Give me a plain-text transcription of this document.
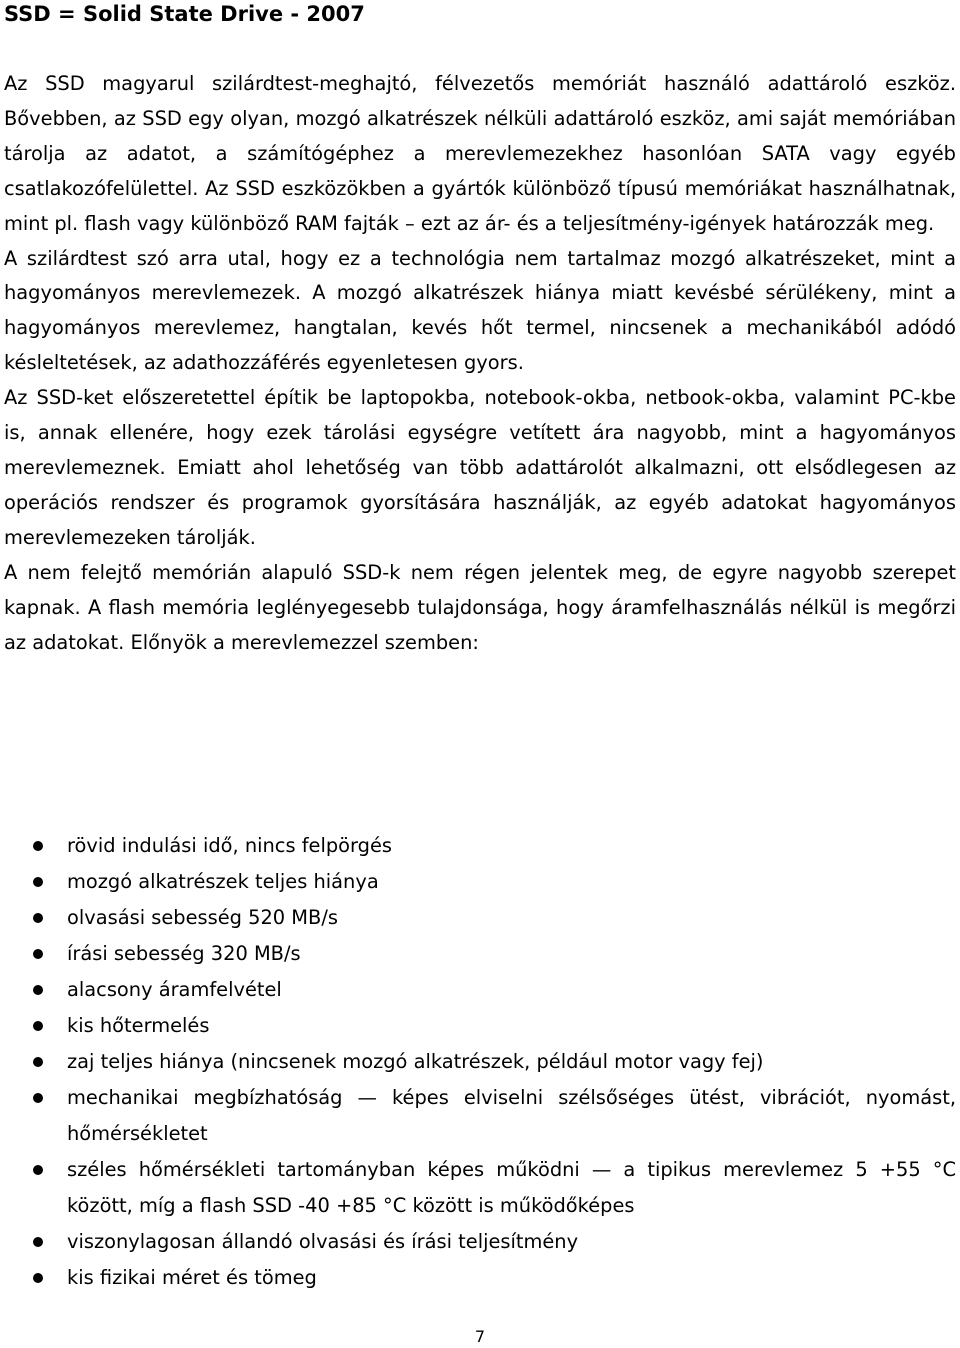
SSD = Solid State Drive - 2007

Az SSD magyarul szilárdtest-meghajtó, félvezetős memóriát használó adattároló eszköz. Bővebben, az SSD egy olyan, mozgó alkatrészek nélküli adattároló eszköz, ami saját memóriában tárolja az adatot, a számítógéphez a merevlemezekhez hasonlóan SATA vagy egyéb csatlakozófelülettel. Az SSD eszközökben a gyártók különböző típusú memóriákat használhatnak, mint pl. flash vagy különböző RAM fajták – ezt az ár- és a teljesítmény-igények határozzák meg.

A szilárdtest szó arra utal, hogy ez a technológia nem tartalmaz mozgó alkatrészeket, mint a hagyományos merevlemezek. A mozgó alkatrészek hiánya miatt kevésbé sérülékeny, mint a hagyományos merevlemez, hangtalan, kevés hőt termel, nincsenek a mechanikából adódó késleltetések, az adathozzáférés egyenletesen gyors.

Az SSD-ket előszeretettel építik be laptopokba, notebook-okba, netbook-okba, valamint PC-kbe is, annak ellenére, hogy ezek tárolási egységre vetített ára nagyobb, mint a hagyományos merevlemeznek. Emiatt ahol lehetőség van több adattárolót alkalmazni, ott elsődlegesen az operációs rendszer és programok gyorsítására használják, az egyéb adatokat hagyományos merevlemezeken tárolják.

A nem felejtő memórián alapuló SSD-k nem régen jelentek meg, de egyre nagyobb szerepet kapnak. A flash memória leglényegesebb tulajdonsága, hogy áramfelhasználás nélkül is megőrzi az adatokat. Előnyök a merevlemezzel szemben:

rövid indulási idő, nincs felpörgés
mozgó alkatrészek teljes hiánya
olvasási sebesség 520 MB/s
írási sebesség 320 MB/s
alacsony áramfelvétel
kis hőtermelés
zaj teljes hiánya (nincsenek mozgó alkatrészek, például motor vagy fej)
mechanikai megbízhatóság — képes elviselni szélsőséges ütést, vibrációt, nyomást, hőmérsékletet
széles hőmérsékleti tartományban képes működni — a tipikus merevlemez 5 +55 °C között, míg a flash SSD -40 +85 °C között is működőképes
viszonylagosan állandó olvasási és írási teljesítmény
kis fizikai méret és tömeg
7
